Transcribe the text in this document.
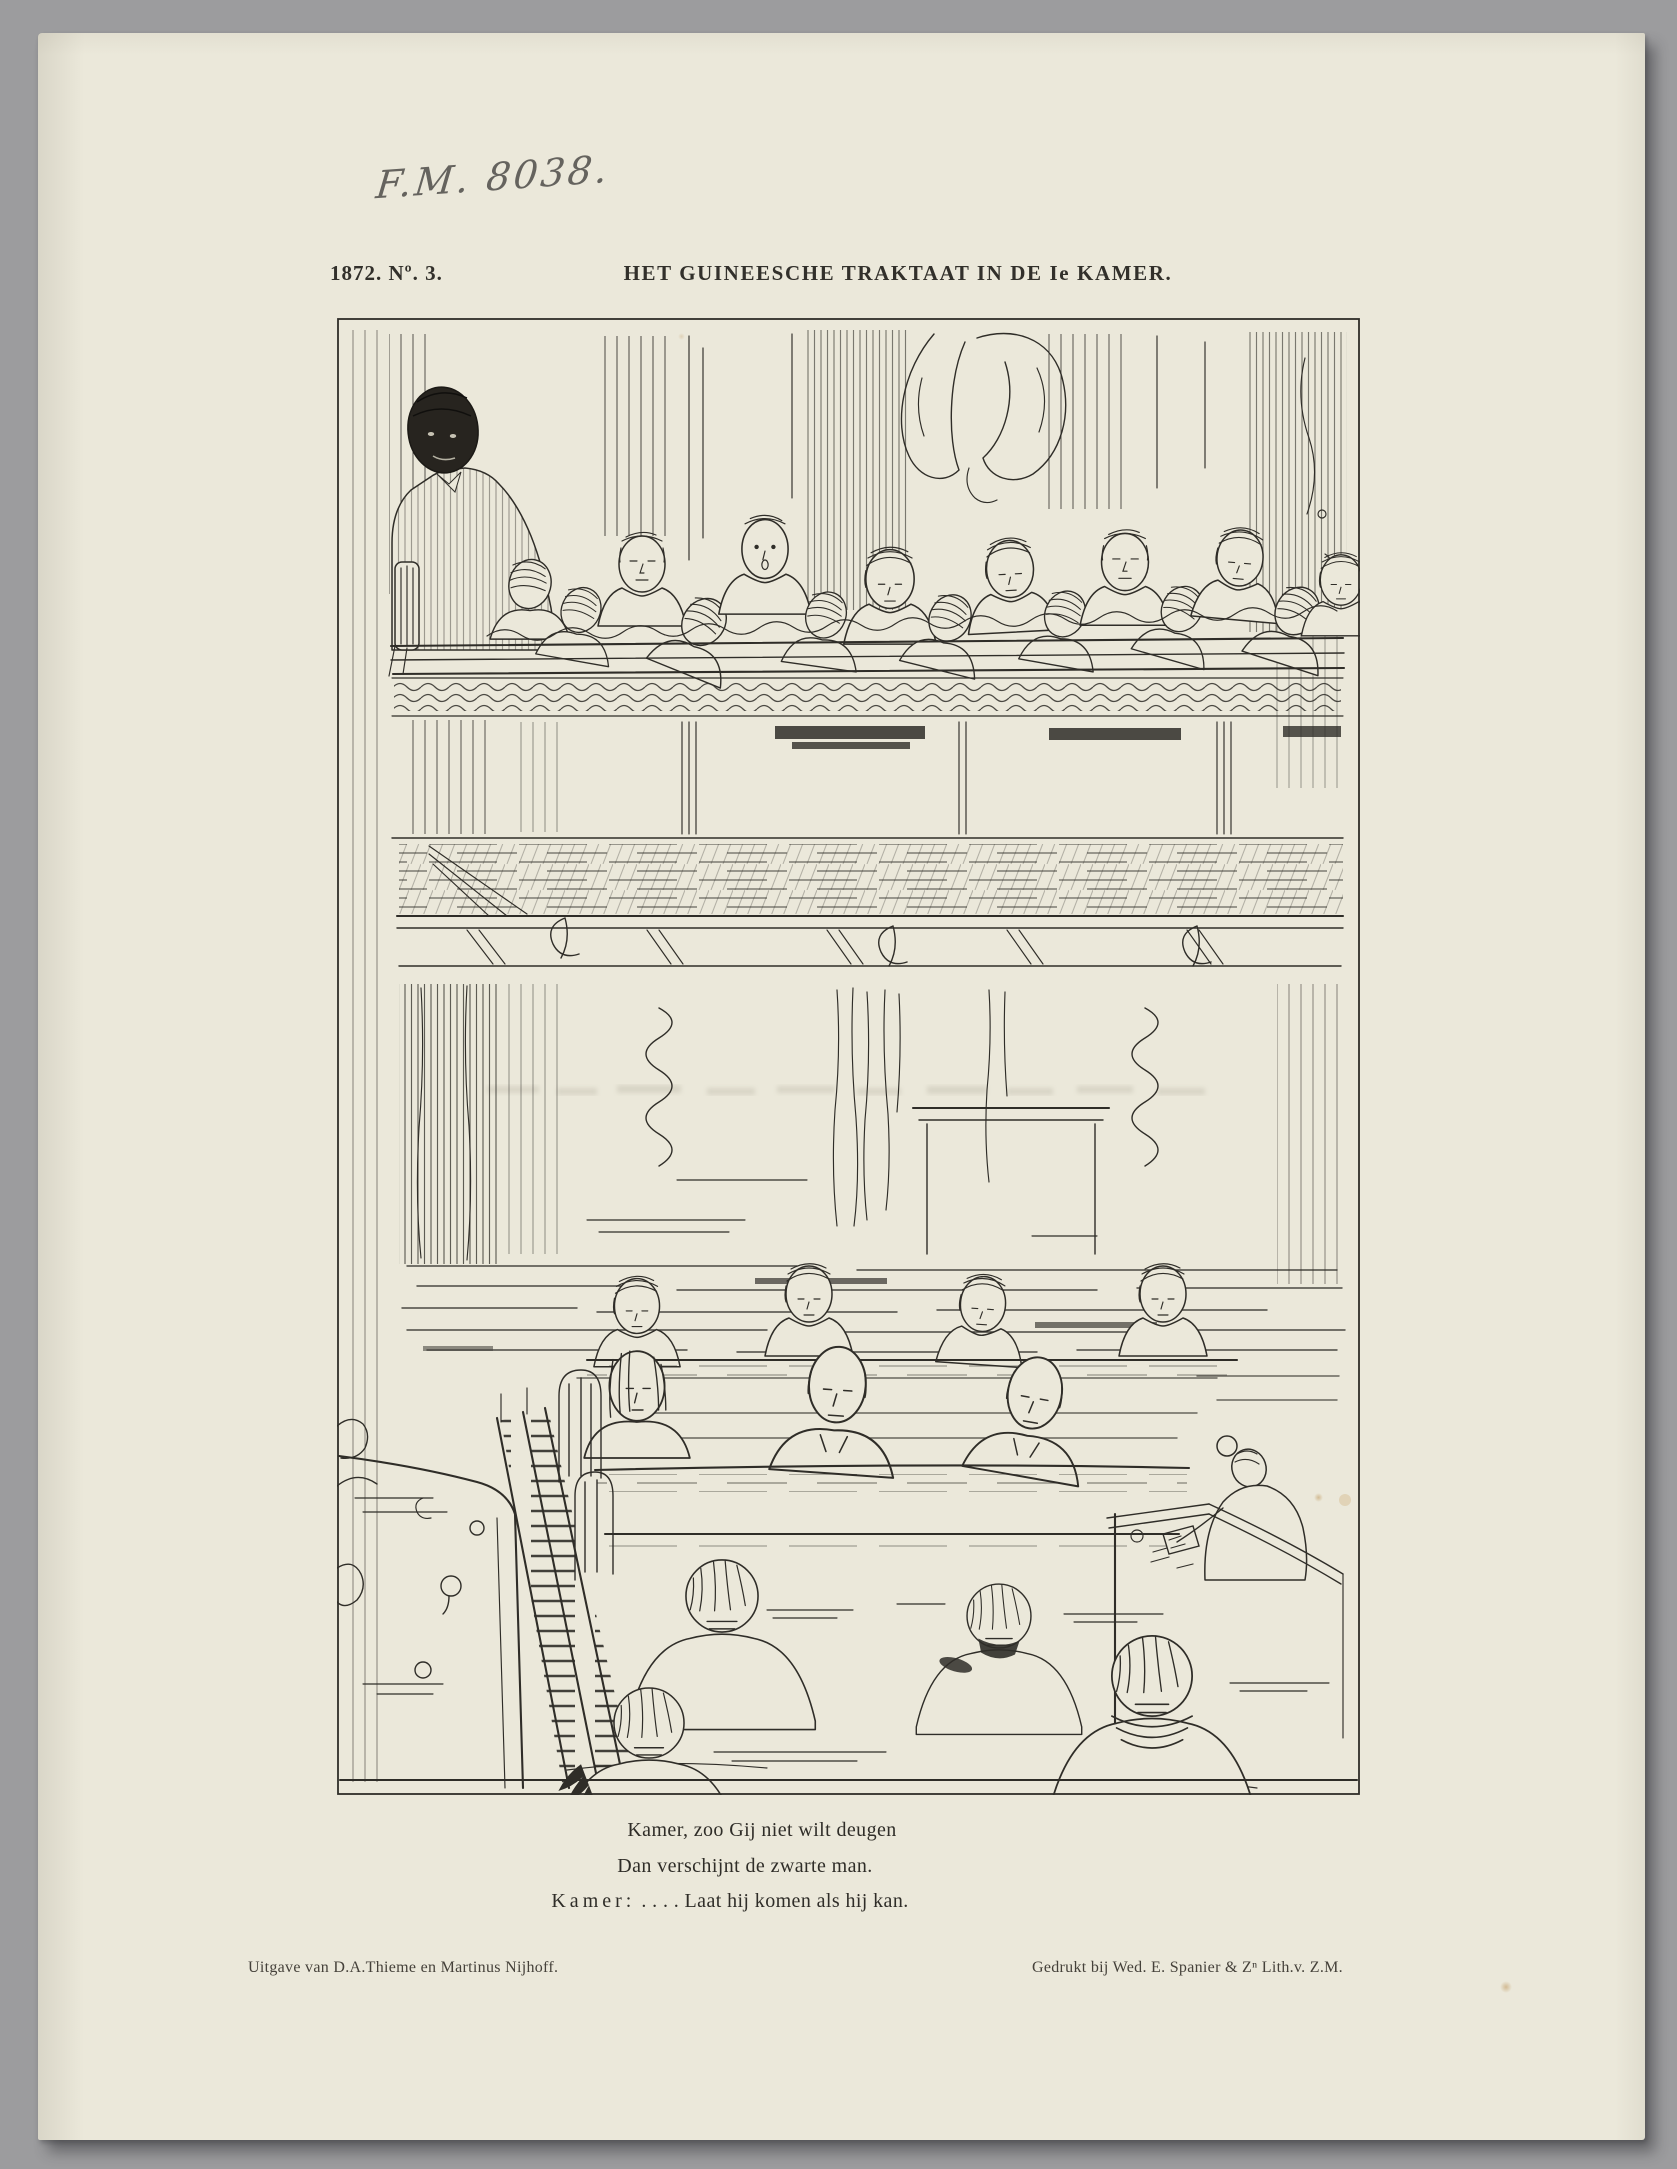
F.M. 8038.
1872. Nº. 3.	HET GUINEESCHE TRAKTAAT IN DE Ie KAMER.
Kamer, zoo Gij niet wilt deugen
Dan verschijnt de zwarte man.
Kamer: . . . . Laat hij komen als hij kan.
Uitgave van D.A.Thieme en Martinus Nijhoff.	Gedrukt bij Wed. E. Spanier & Zⁿ Lith.v. Z.M.
